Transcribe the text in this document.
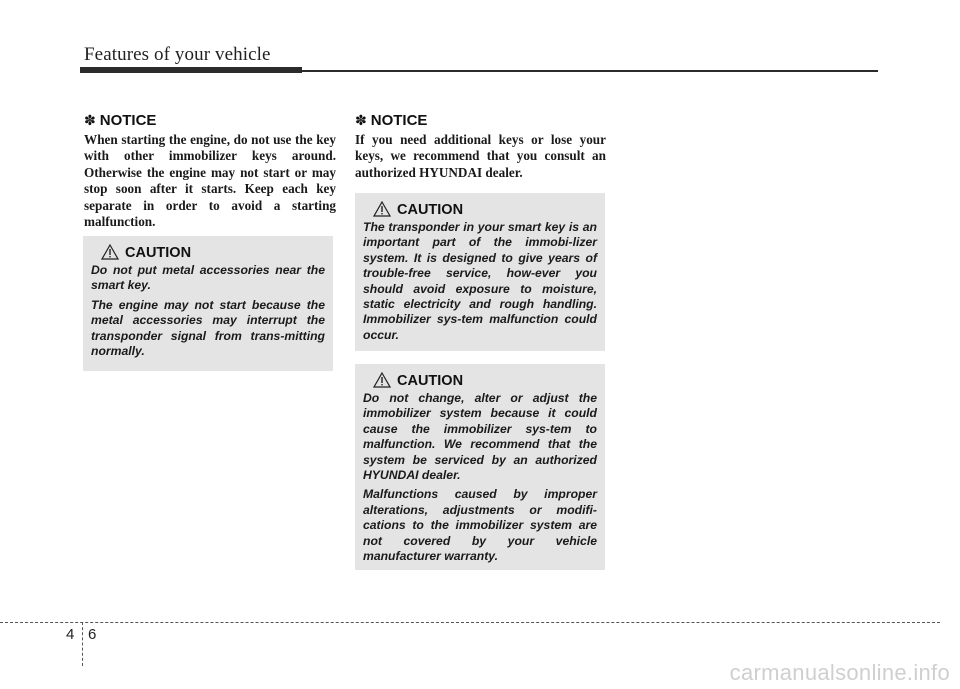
Features of your vehicle
✽ NOTICE
When starting the engine, do not use the key with other immobilizer keys around. Otherwise the engine may not start or may stop soon after it starts. Keep each key separate in order to avoid a starting malfunction.
CAUTION

Do not put metal accessories near the smart key.

The engine may not start because the metal accessories may interrupt the transponder signal from trans-mitting normally.

✽ NOTICE
If you need additional keys or lose your keys, we recommend that you consult an authorized HYUNDAI dealer.
CAUTION

The transponder in your smart key is an important part of the immobi-lizer system. It is designed to give years of trouble-free service, how-ever you should avoid exposure to moisture, static electricity and rough handling. Immobilizer sys-tem malfunction could occur.

CAUTION

Do not change, alter or adjust the immobilizer system because it could cause the immobilizer sys-tem to malfunction. We recommend that the system be serviced by an authorized HYUNDAI dealer.

Malfunctions caused by improper alterations, adjustments or modifi-cations to the immobilizer system are not covered by your vehicle manufacturer warranty.

4 6
carmanualsonline.info
